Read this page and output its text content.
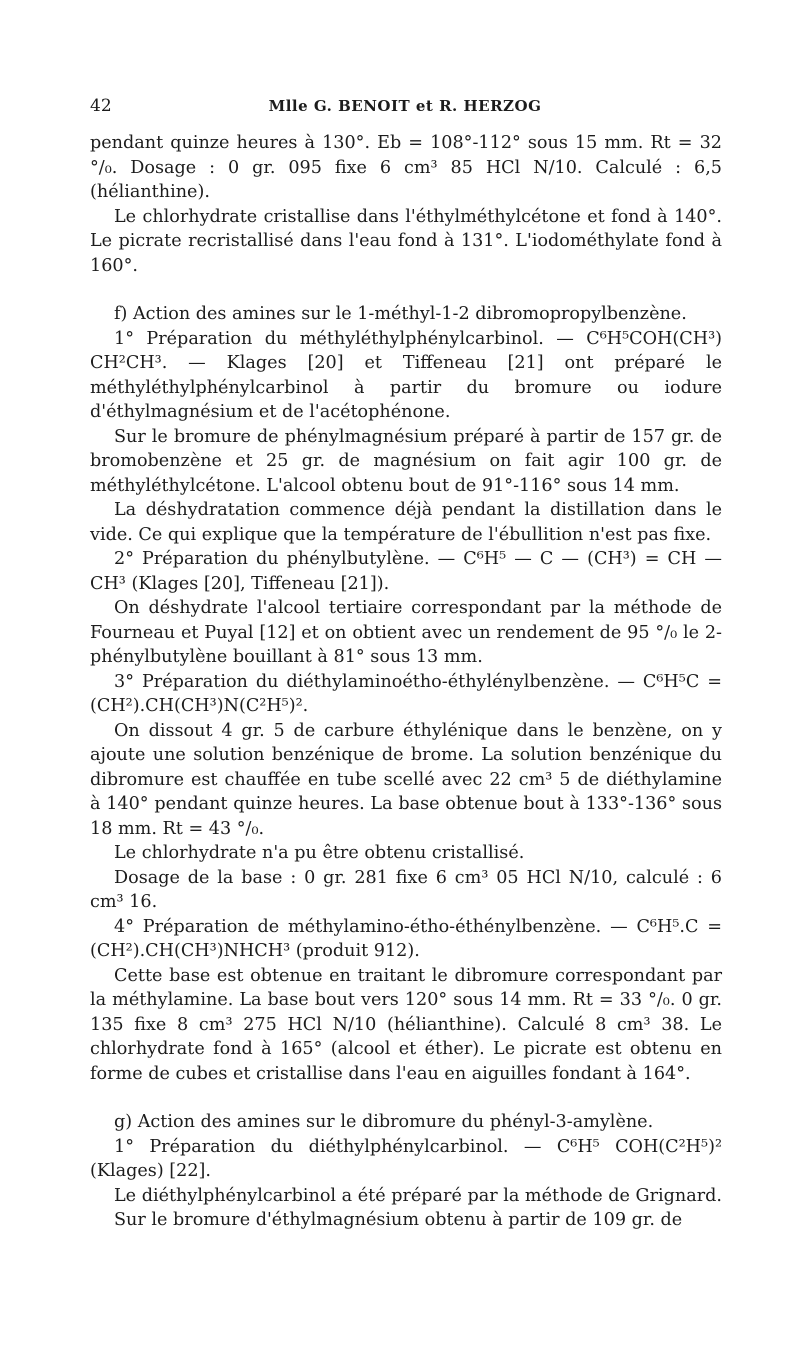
42	Mlle G. BENOIT et R. HERZOG

pendant quinze heures à 130°. Eb = 108°-112° sous 15 mm. Rt = 32 °/₀. Dosage : 0 gr. 095 fixe 6 cm³ 85 HCl N/10. Calculé : 6,5 (hélianthine).

Le chlorhydrate cristallise dans l'éthylméthylcétone et fond à 140°. Le picrate recristallisé dans l'eau fond à 131°. L'iodométhylate fond à 160°.

f) Action des amines sur le 1-méthyl-1-2 dibromopropylbenzène.

1° Préparation du méthyléthylphénylcarbinol. — C⁶H⁵COH(CH³) CH²CH³. — Klages [20] et Tiffeneau [21] ont préparé le méthyléthylphénylcarbinol à partir du bromure ou iodure d'éthylmagnésium et de l'acétophénone.

Sur le bromure de phénylmagnésium préparé à partir de 157 gr. de bromobenzène et 25 gr. de magnésium on fait agir 100 gr. de méthyléthylcétone. L'alcool obtenu bout de 91°-116° sous 14 mm.

La déshydratation commence déjà pendant la distillation dans le vide. Ce qui explique que la température de l'ébullition n'est pas fixe.

2° Préparation du phénylbutylène. — C⁶H⁵ — C — (CH³) = CH — CH³ (Klages [20], Tiffeneau [21]).

On déshydrate l'alcool tertiaire correspondant par la méthode de Fourneau et Puyal [12] et on obtient avec un rendement de 95 °/₀ le 2-phénylbutylène bouillant à 81° sous 13 mm.

3° Préparation du diéthylaminoétho-éthylénylbenzène. — C⁶H⁵C = (CH²).CH(CH³)N(C²H⁵)².

On dissout 4 gr. 5 de carbure éthylénique dans le benzène, on y ajoute une solution benzénique de brome. La solution benzénique du dibromure est chauffée en tube scellé avec 22 cm³ 5 de diéthylamine à 140° pendant quinze heures. La base obtenue bout à 133°-136° sous 18 mm. Rt = 43 °/₀.

Le chlorhydrate n'a pu être obtenu cristallisé.

Dosage de la base : 0 gr. 281 fixe 6 cm³ 05 HCl N/10, calculé : 6 cm³ 16.

4° Préparation de méthylamino-étho-éthénylbenzène. — C⁶H⁵.C = (CH²).CH(CH³)NHCH³ (produit 912).

Cette base est obtenue en traitant le dibromure correspondant par la méthylamine. La base bout vers 120° sous 14 mm. Rt = 33 °/₀. 0 gr. 135 fixe 8 cm³ 275 HCl N/10 (hélianthine). Calculé 8 cm³ 38. Le chlorhydrate fond à 165° (alcool et éther). Le picrate est obtenu en forme de cubes et cristallise dans l'eau en aiguilles fondant à 164°.

g) Action des amines sur le dibromure du phényl-3-amylène.

1° Préparation du diéthylphénylcarbinol. — C⁶H⁵ COH(C²H⁵)² (Klages) [22].

Le diéthylphénylcarbinol a été préparé par la méthode de Grignard.

Sur le bromure d'éthylmagnésium obtenu à partir de 109 gr. de
